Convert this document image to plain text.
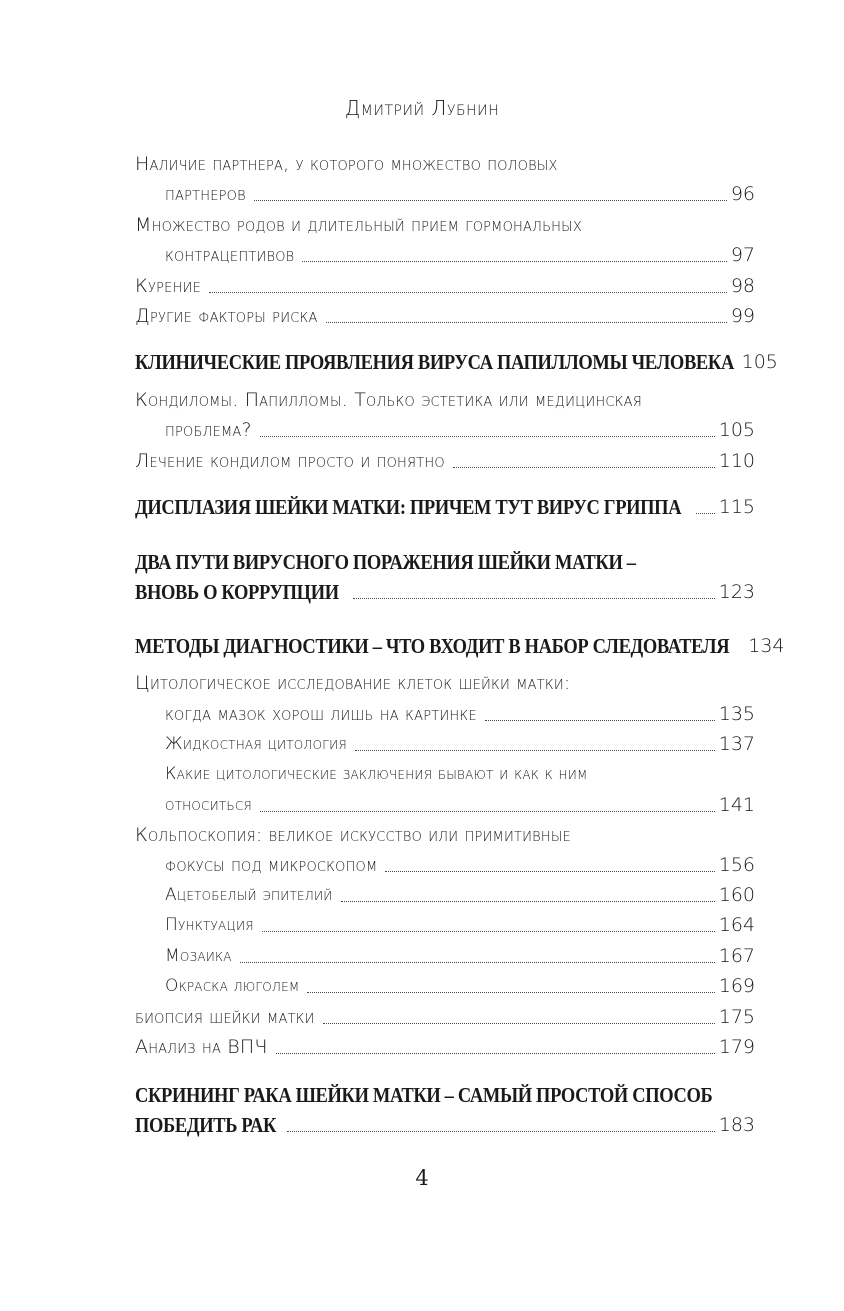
Дмитрий Лубнин
Наличие партнера, у которого множество половых
партнеров	96
Множество родов и длительный прием гормональных
контрацептивов	97
Курение	98
Другие факторы риска	99
КЛИНИЧЕСКИЕ ПРОЯВЛЕНИЯ ВИРУСА ПАПИЛЛОМЫ ЧЕЛОВЕКА 105
Кондиломы. Папилломы. Только эстетика или медицинская
проблема?	105
Лечение кондилом просто и понятно	110
ДИСПЛАЗИЯ ШЕЙКИ МАТКИ: ПРИЧЕМ ТУТ ВИРУС ГРИППА 115
ДВА ПУТИ ВИРУСНОГО ПОРАЖЕНИЯ ШЕЙКИ МАТКИ –
ВНОВЬ О КОРРУПЦИИ	123
МЕТОДЫ ДИАГНОСТИКИ – ЧТО ВХОДИТ В НАБОР СЛЕДОВАТЕЛЯ 134
Цитологическое исследование клеток шейки матки:
когда мазок хорош лишь на картинке	135
Жидкостная цитология	137
Какие цитологические заключения бывают и как к ним
относиться	141
Кольпоскопия: великое искусство или примитивные
фокусы под микроскопом	156
Ацетобелый эпителий	160
Пунктуация	164
Мозаика	167
Окраска люголем	169
биопсия шейки матки	175
Анализ на ВПЧ	179
СКРИНИНГ РАКА ШЕЙКИ МАТКИ – САМЫЙ ПРОСТОЙ СПОСОБ
ПОБЕДИТЬ РАК	183
4
